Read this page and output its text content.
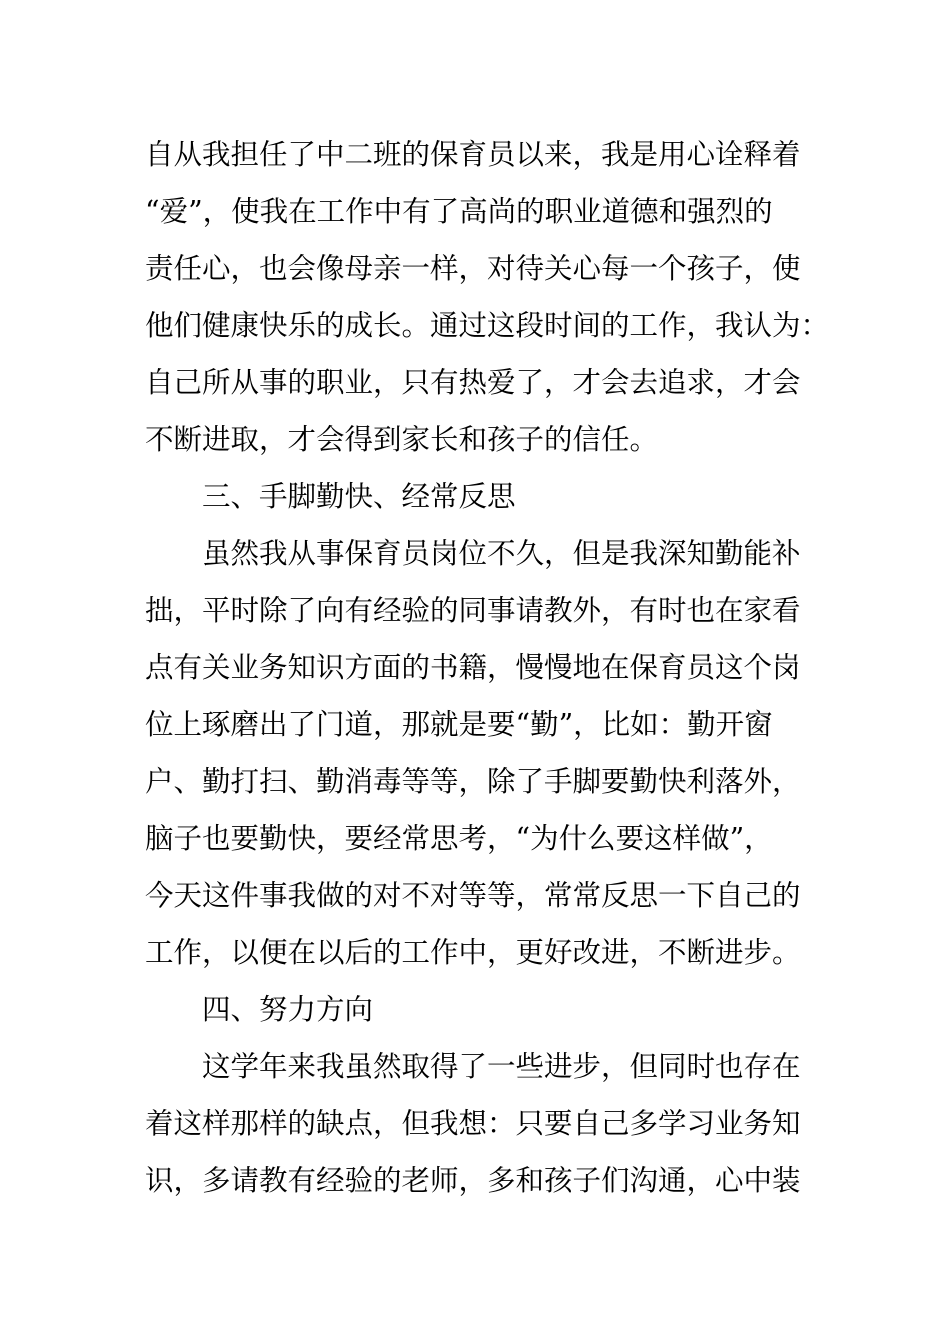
自从我担任了中二班的保育员以来，我是用心诠释着
“爱”，使我在工作中有了高尚的职业道德和强烈的
责任心，也会像母亲一样，对待关心每一个孩子，使
他们健康快乐的成长。通过这段时间的工作，我认为：
自己所从事的职业，只有热爱了，才会去追求，才会
不断进取，才会得到家长和孩子的信任。
三、手脚勤快、经常反思
虽然我从事保育员岗位不久，但是我深知勤能补
拙，平时除了向有经验的同事请教外，有时也在家看
点有关业务知识方面的书籍，慢慢地在保育员这个岗
位上琢磨出了门道，那就是要“勤”，比如：勤开窗
户、勤打扫、勤消毒等等，除了手脚要勤快利落外，
脑子也要勤快，要经常思考，“为什么要这样做”，
今天这件事我做的对不对等等，常常反思一下自己的
工作，以便在以后的工作中，更好改进，不断进步。
四、努力方向
这学年来我虽然取得了一些进步，但同时也存在
着这样那样的缺点，但我想：只要自己多学习业务知
识，多请教有经验的老师，多和孩子们沟通，心中装
